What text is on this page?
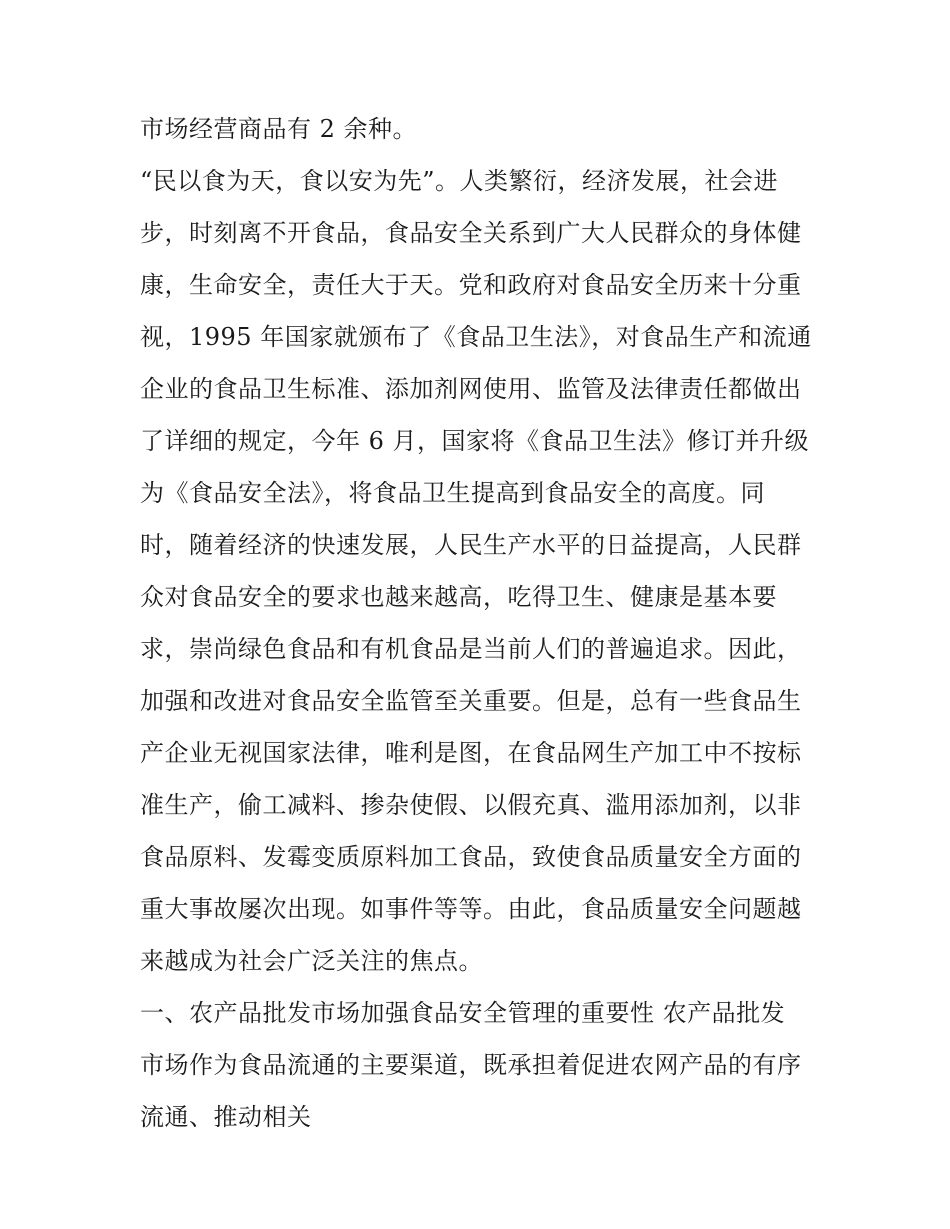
市场经营商品有 2 余种。
“民以食为天，食以安为先”。人类繁衍，经济发展，社会进
步，时刻离不开食品，食品安全关系到广大人民群众的身体健
康，生命安全，责任大于天。党和政府对食品安全历来十分重
视，1995 年国家就颁布了《食品卫生法》，对食品生产和流通
企业的食品卫生标准、添加剂网使用、监管及法律责任都做出
了详细的规定，今年 6 月，国家将《食品卫生法》修订并升级
为《食品安全法》，将食品卫生提高到食品安全的高度。同
时，随着经济的快速发展，人民生产水平的日益提高，人民群
众对食品安全的要求也越来越高，吃得卫生、健康是基本要
求，崇尚绿色食品和有机食品是当前人们的普遍追求。因此，
加强和改进对食品安全监管至关重要。但是，总有一些食品生
产企业无视国家法律，唯利是图，在食品网生产加工中不按标
准生产，偷工减料、掺杂使假、以假充真、滥用添加剂，以非
食品原料、发霉变质原料加工食品，致使食品质量安全方面的
重大事故屡次出现。如事件等等。由此，食品质量安全问题越
来越成为社会广泛关注的焦点。
一、农产品批发市场加强食品安全管理的重要性 农产品批发
市场作为食品流通的主要渠道，既承担着促进农网产品的有序
流通、推动相关
